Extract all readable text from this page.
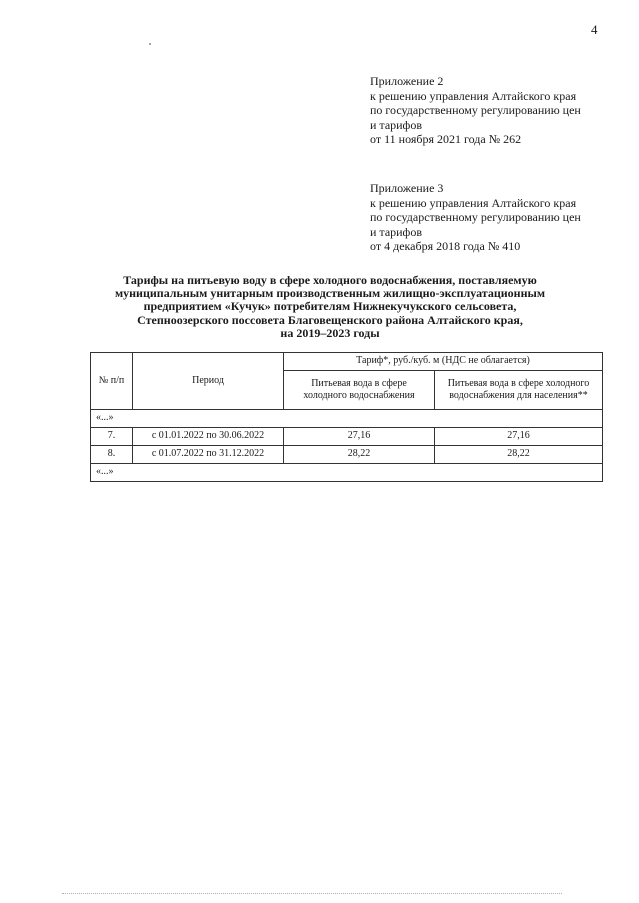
4
Приложение 2
к решению управления Алтайского края
по государственному регулированию цен
и тарифов
от 11 ноября 2021 года № 262
Приложение 3
к решению управления Алтайского края
по государственному регулированию цен
и тарифов
от 4 декабря 2018 года № 410
Тарифы на питьевую воду в сфере холодного водоснабжения, поставляемую
муниципальным унитарным производственным жилищно-эксплуатационным
предприятием «Кучук» потребителям Нижнекучукского сельсовета,
Степноозерского поссовета Благовещенского района Алтайского края,
на 2019–2023 годы
№ п/п	Период	Тариф*, руб./куб. м (НДС не облагается)	
		Питьевая вода в сфере
холодного водоснабжения	Питьевая вода в сфере холодного
водоснабжения для населения**
«...»			
7.	с 01.01.2022 по 30.06.2022	27,16	27,16
8.	с 01.07.2022 по 31.12.2022	28,22	28,22
«...»			
